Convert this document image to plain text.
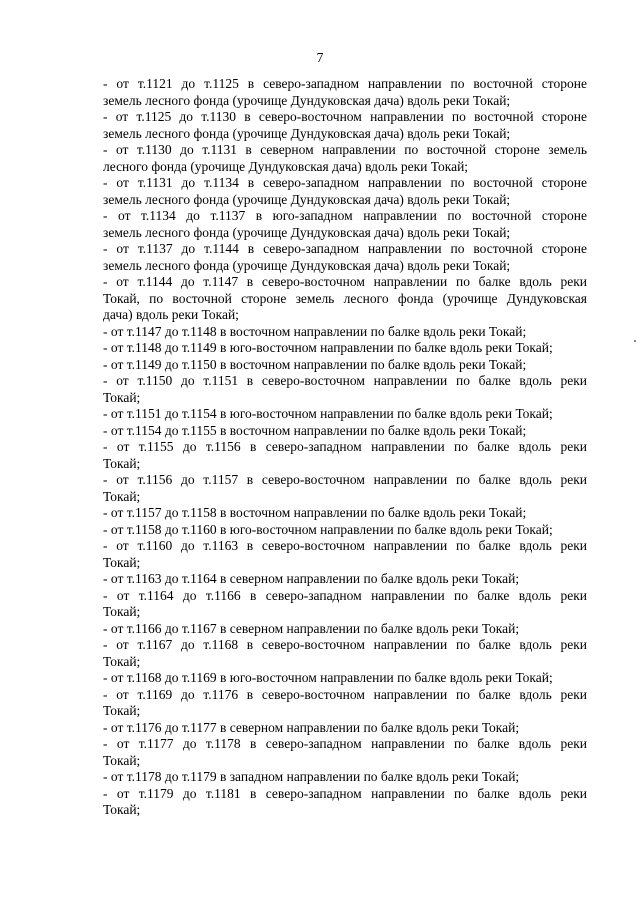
7
- от т.1121 до т.1125 в северо-западном направлении по восточной стороне
земель лесного фонда (урочище Дундуковская дача) вдоль реки Токай;
- от т.1125 до т.1130 в северо-восточном направлении по восточной стороне
земель лесного фонда (урочище Дундуковская дача) вдоль реки Токай;
- от т.1130 до т.1131 в северном направлении по восточной стороне земель
лесного фонда (урочище Дундуковская дача) вдоль реки Токай;
- от т.1131 до т.1134 в северо-западном направлении по восточной стороне
земель лесного фонда (урочище Дундуковская дача) вдоль реки Токай;
- от т.1134 до т.1137 в юго-западном направлении по восточной стороне
земель лесного фонда (урочище Дундуковская дача) вдоль реки Токай;
- от т.1137 до т.1144 в северо-западном направлении по восточной стороне
земель лесного фонда (урочище Дундуковская дача) вдоль реки Токай;
- от т.1144 до т.1147 в северо-восточном направлении по балке вдоль реки
Токай, по восточной стороне земель лесного фонда (урочище Дундуковская
дача) вдоль реки Токай;
- от т.1147 до т.1148 в восточном направлении по балке вдоль реки Токай;
- от т.1148 до т.1149 в юго-восточном направлении по балке вдоль реки Токай;
- от т.1149 до т.1150 в восточном направлении по балке вдоль реки Токай;
- от т.1150 до т.1151 в северо-восточном направлении по балке вдоль реки
Токай;
- от т.1151 до т.1154 в юго-восточном направлении по балке вдоль реки Токай;
- от т.1154 до т.1155 в восточном направлении по балке вдоль реки Токай;
- от т.1155 до т.1156 в северо-западном направлении по балке вдоль реки
Токай;
- от т.1156 до т.1157 в северо-восточном направлении по балке вдоль реки
Токай;
- от т.1157 до т.1158 в восточном направлении по балке вдоль реки Токай;
- от т.1158 до т.1160 в юго-восточном направлении по балке вдоль реки Токай;
- от т.1160 до т.1163 в северо-восточном направлении по балке вдоль реки
Токай;
- от т.1163 до т.1164 в северном направлении по балке вдоль реки Токай;
- от т.1164 до т.1166 в северо-западном направлении по балке вдоль реки
Токай;
- от т.1166 до т.1167 в северном направлении по балке вдоль реки Токай;
- от т.1167 до т.1168 в северо-восточном направлении по балке вдоль реки
Токай;
- от т.1168 до т.1169 в юго-восточном направлении по балке вдоль реки Токай;
- от т.1169 до т.1176 в северо-восточном направлении по балке вдоль реки
Токай;
- от т.1176 до т.1177 в северном направлении по балке вдоль реки Токай;
- от т.1177 до т.1178 в северо-западном направлении по балке вдоль реки
Токай;
- от т.1178 до т.1179 в западном направлении по балке вдоль реки Токай;
- от т.1179 до т.1181 в северо-западном направлении по балке вдоль реки
Токай;
